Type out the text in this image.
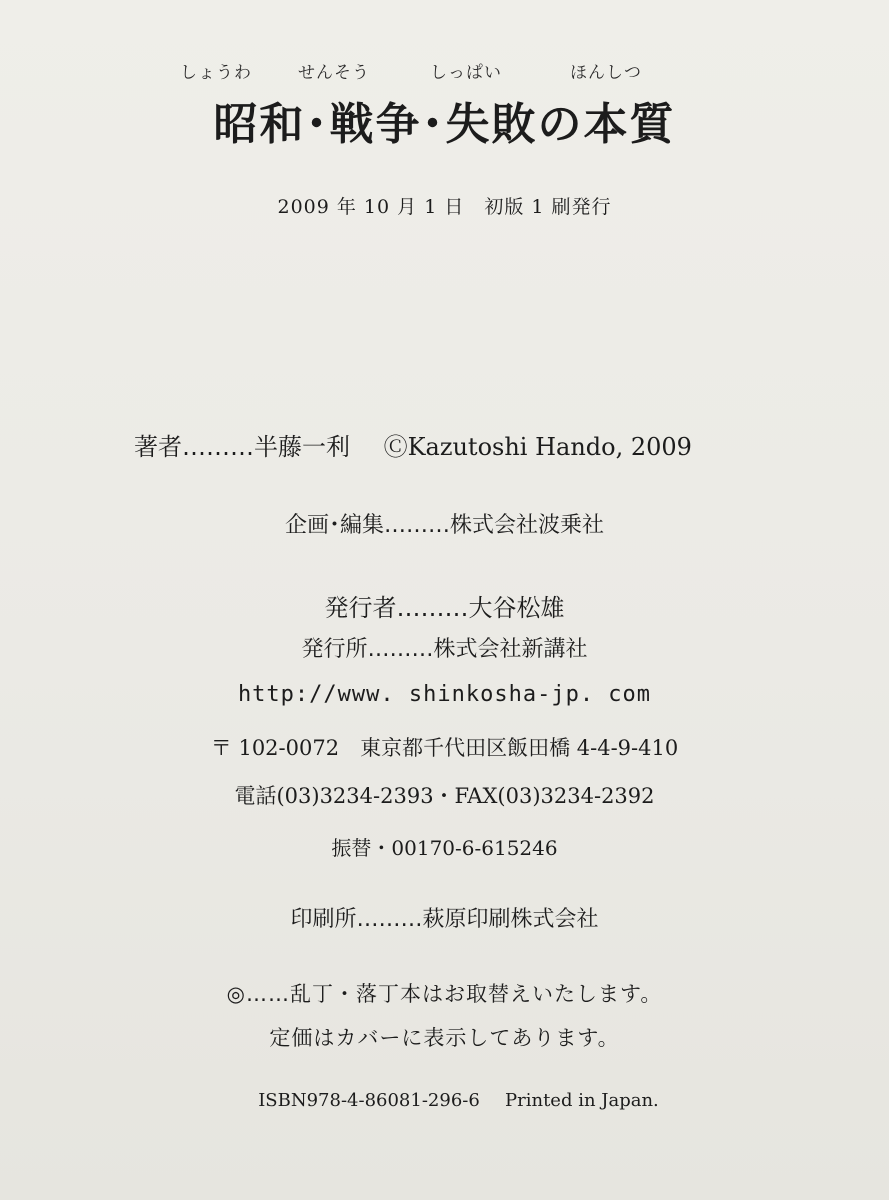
しょうわ	せんそう	しっぱい	ほんしつ
昭和･戦争･失敗の本質
2009 年 10 月 1 日　初版 1 刷発行
著者………半藤一利 ⒸKazutoshi Hando, 2009
企画･編集………株式会社波乗社
発行者………大谷松雄
発行所………株式会社新講社
http://www. shinkosha-jp. com
〒 102-0072　東京都千代田区飯田橋 4-4-9-410
電話(03)3234-2393・FAX(03)3234-2392
振替・00170-6-615246
印刷所………萩原印刷株式会社
◎……乱丁・落丁本はお取替えいたします。
定価はカバーに表示してあります。
ISBN978-4-86081-296-6 Printed in Japan.
